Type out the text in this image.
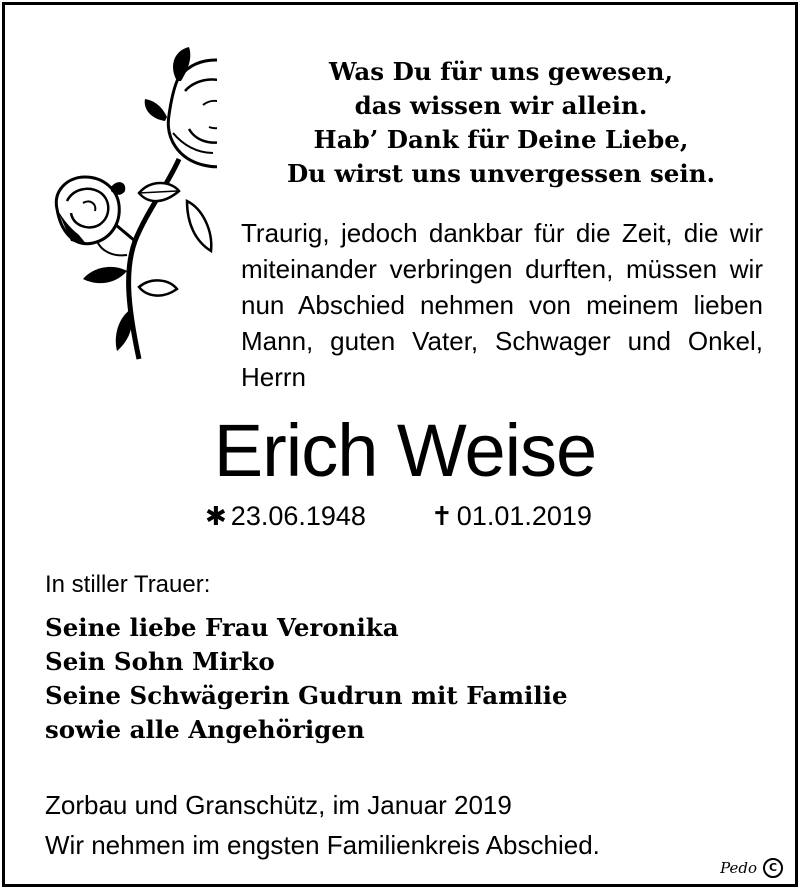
Was Du für uns gewesen,
das wissen wir allein.
Hab’ Dank für Deine Liebe,
Du wirst uns unvergessen sein.
Traurig, jedoch dankbar für die Zeit, die wir
miteinander verbringen durften, müssen wir
nun Abschied nehmen von meinem lieben
Mann, guten Vater, Schwager und Onkel,
Herrn
Erich Weise
✱ 23.06.1948	✝ 01.01.2019
In stiller Trauer:
Seine liebe Frau Veronika
Sein Sohn Mirko
Seine Schwägerin Gudrun mit Familie
sowie alle Angehörigen
Zorbau und Granschütz, im Januar 2019
Wir nehmen im engsten Familienkreis Abschied.
Pedo	C
